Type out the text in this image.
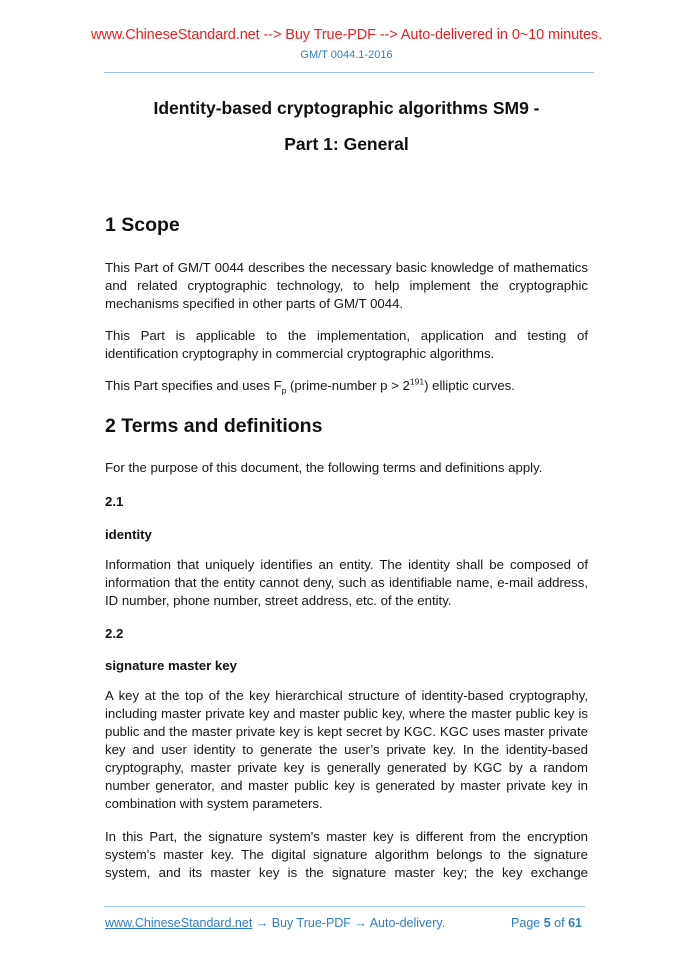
www.ChineseStandard.net --> Buy True-PDF --> Auto-delivered in 0~10 minutes.
GM/T 0044.1-2016
Identity-based cryptographic algorithms SM9 -
Part 1: General
1 Scope
This Part of GM/T 0044 describes the necessary basic knowledge of mathematics and related cryptographic technology, to help implement the cryptographic mechanisms specified in other parts of GM/T 0044.
This Part is applicable to the implementation, application and testing of identification cryptography in commercial cryptographic algorithms.
This Part specifies and uses $F_p$ (prime-number $p > 2^{191}$) elliptic curves.
2 Terms and definitions
For the purpose of this document, the following terms and definitions apply.
2.1
identity
Information that uniquely identifies an entity. The identity shall be composed of information that the entity cannot deny, such as identifiable name, e-mail address, ID number, phone number, street address, etc. of the entity.
2.2
signature master key
A key at the top of the key hierarchical structure of identity-based cryptography, including master private key and master public key, where the master public key is public and the master private key is kept secret by KGC. KGC uses master private key and user identity to generate the user’s private key. In the identity-based cryptography, master private key is generally generated by KGC by a random number generator, and master public key is generated by master private key in combination with system parameters.
In this Part, the signature system's master key is different from the encryption system's master key. The digital signature algorithm belongs to the signature system, and its master key is the signature master key; the key exchange
www.ChineseStandard.net → Buy True-PDF → Auto-delivery.	Page 5 of 61
